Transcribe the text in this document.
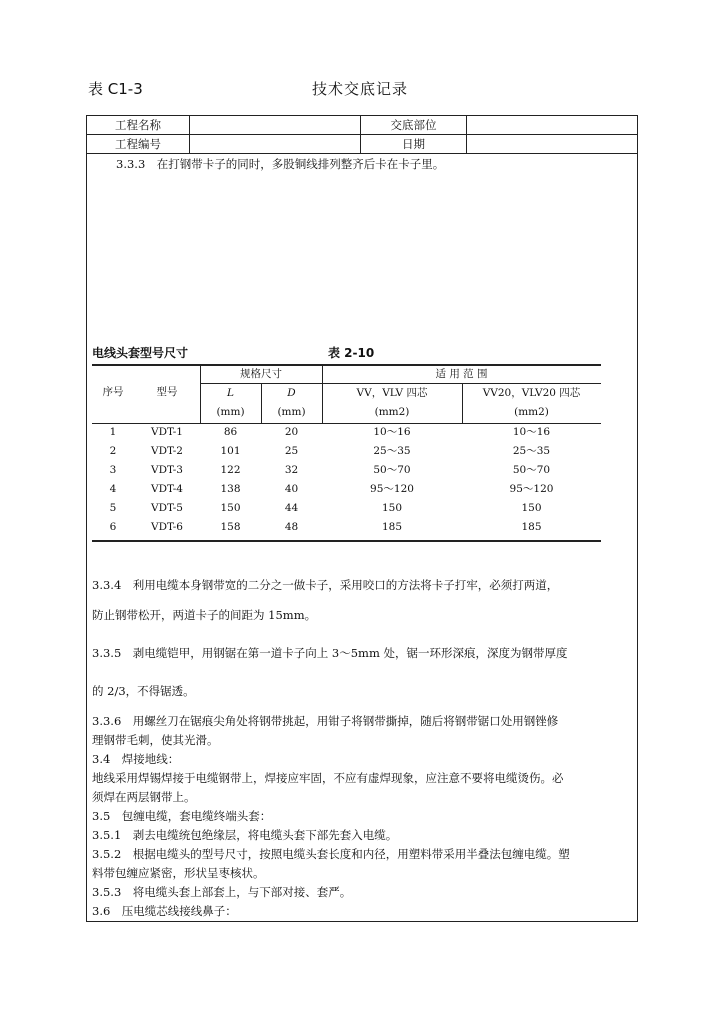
表 C1-3	技术交底记录
工程名称	交底部位
工程编号	日期
3.3.3　在打钢带卡子的同时，多股铜线排列整齐后卡在卡子里。
电线头套型号尺寸	表 2-10
序号	型号
规格尺寸	适 用 范 围
L	D	VV，VLV 四芯	VV20，VLV20 四芯
(mm)	(mm)	(mm2)	(mm2)
1	VDT-1	86	20	10～16	10～16
2	VDT-2	101	25	25～35	25～35
3	VDT-3	122	32	50～70	50～70
4	VDT-4	138	40	95～120	95～120
5	VDT-5	150	44	150	150
6	VDT-6	158	48	185	185
3.3.4　利用电缆本身钢带宽的二分之一做卡子，采用咬口的方法将卡子打牢，必须打两道，
防止钢带松开，两道卡子的间距为 15mm。
3.3.5　剥电缆铠甲，用钢锯在第一道卡子向上 3～5mm 处，锯一环形深痕，深度为钢带厚度
的 2/3，不得锯透。
3.3.6　用螺丝刀在锯痕尖角处将钢带挑起，用钳子将钢带撕掉，随后将钢带锯口处用钢锉修
理钢带毛刺，使其光滑。
3.4　焊接地线：
地线采用焊锡焊接于电缆钢带上，焊接应牢固，不应有虚焊现象，应注意不要将电缆烫伤。必
须焊在两层钢带上。
3.5　包缠电缆，套电缆终端头套：
3.5.1　剥去电缆统包绝缘层，将电缆头套下部先套入电缆。
3.5.2　根据电缆头的型号尺寸，按照电缆头套长度和内径，用塑料带采用半叠法包缠电缆。塑
料带包缠应紧密，形状呈枣核状。
3.5.3　将电缆头套上部套上，与下部对接、套严。
3.6　压电缆芯线接线鼻子：
